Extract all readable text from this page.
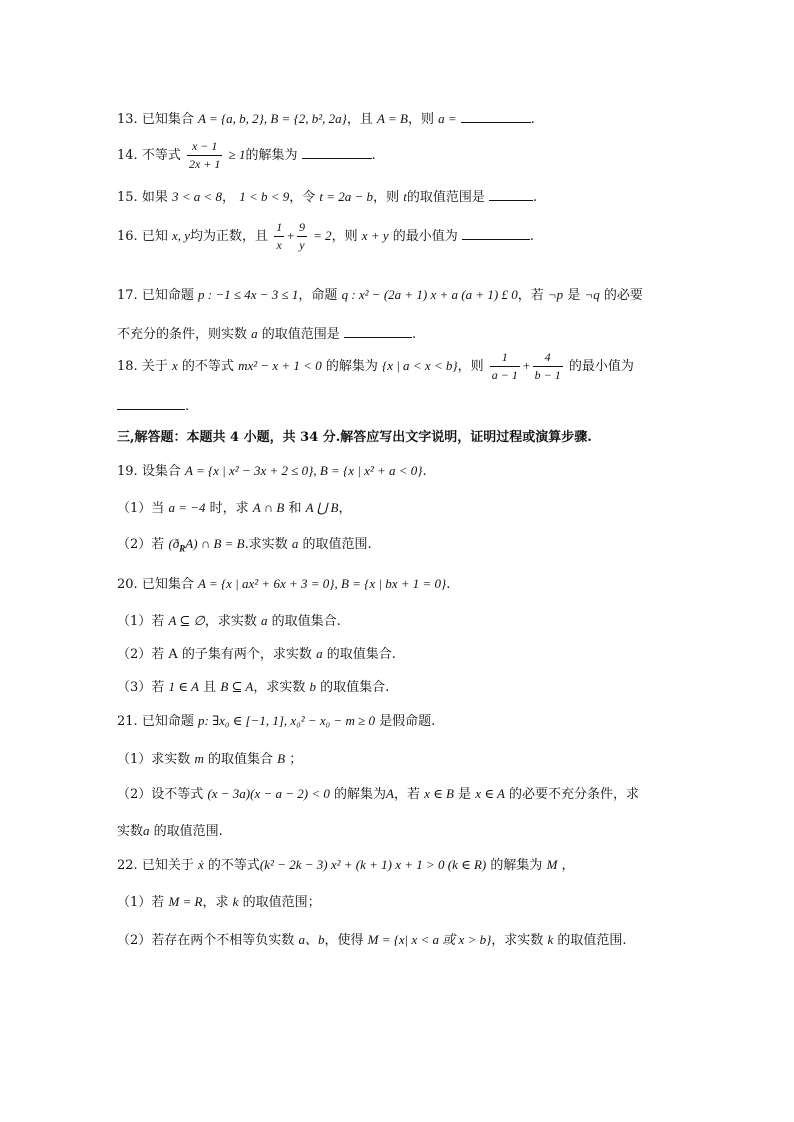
13. 已知集合 A = {a, b, 2}, B = {2, b², 2a}，且 A = B，则 a =	.
14. 不等式 $\frac{x - 1}{2x + 1} \ge 1$的解集为	.
15. 如果 3 < a < 8， 1 < b < 9，令 t = 2a − b，则 t的取值范围是	.
16. 已知 x, y均为正数，且 $\frac{1}{x} + \frac{9}{y} = 2$，则 x + y 的最小值为	.
17. 已知命题 p : −1 ≤ 4x − 3 ≤ 1，命题 q : x² − (2a + 1) x + a (a + 1) £ 0，若 ¬p 是 ¬q 的必要
不充分的条件，则实数 a 的取值范围是	.
18. 关于 x 的不等式 mx² − x + 1 < 0 的解集为 {x | a < x < b}，则 $\frac{1}{a - 1} + \frac{4}{b - 1}$ 的最小值为
.
三,解答题：本题共 4 小题，共 34 分.解答应写出文字说明，证明过程或演算步骤.
19. 设集合 A = {x | x² − 3x + 2 ≤ 0}, B = {x | x² + a < 0}.
（1）当 a = −4 时，求 A ∩ B 和 A ⋃ B，
（2）若 $(ð_RA)$ ∩ B = B.求实数 a 的取值范围.
20. 已知集合 A = {x | ax² + 6x + 3 = 0}, B = {x | bx + 1 = 0}.
（1）若 A ⊆ ∅，求实数 a 的取值集合.
（2）若 A 的子集有两个，求实数 a 的取值集合.
（3）若 1 ∈ A 且 B ⊆ A，求实数 b 的取值集合.
21. 已知命题 p: ∃x₀ ∈ [−1, 1], x₀² − x₀ − m ≥ 0 是假命题.
（1）求实数 m 的取值集合 B ；
（2）设不等式 (x − 3a)(x − a − 2) < 0 的解集为A，若 x ∈ B 是 x ∈ A 的必要不充分条件，求
实数a 的取值范围.
22. 已知关于 ẋ 的不等式(k² − 2k − 3) x² + (k + 1) x + 1 > 0 (k ∈ R) 的解集为 M ，
（1）若 M = R，求 k 的取值范围；
（2）若存在两个不相等负实数 a、b，使得 M = {x| x < a 或 x > b}，求实数 k 的取值范围.
